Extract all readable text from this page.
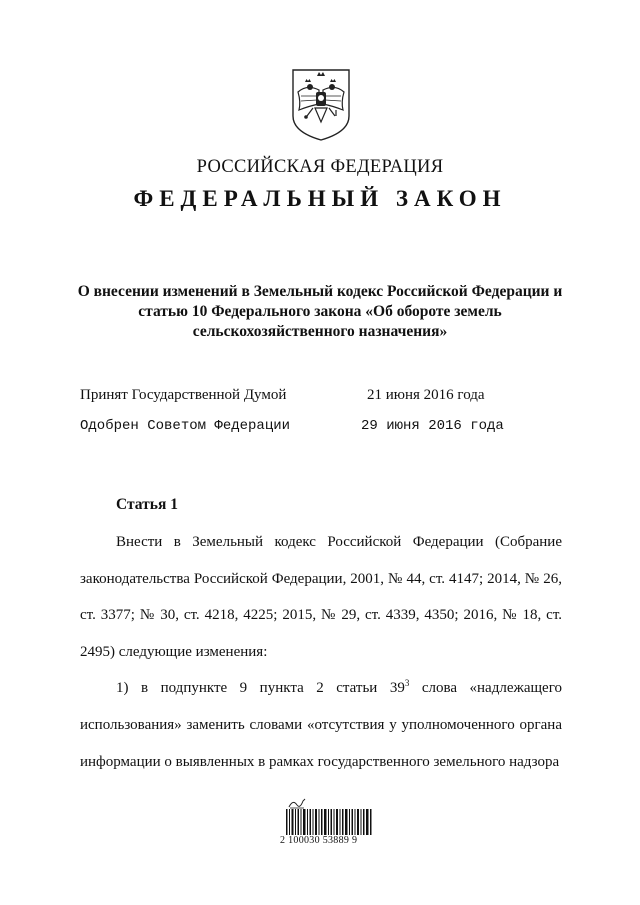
РОССИЙСКАЯ ФЕДЕРАЦИЯ
ФЕДЕРАЛЬНЫЙ ЗАКОН
О внесении изменений в Земельный кодекс Российской Федерации и
статью 10 Федерального закона «Об обороте земель
сельскохозяйственного назначения»
Принят Государственной Думой	21 июня 2016 года
Одобрен Советом Федерации	29 июня 2016 года
Статья 1

Внести в Земельный кодекс Российской Федерации (Собрание законодательства Российской Федерации, 2001, № 44, ст. 4147; 2014, № 26, ст. 3377; № 30, ст. 4218, 4225; 2015, № 29, ст. 4339, 4350; 2016, № 18, ст. 2495) следующие изменения:

1) в подпункте 9 пункта 2 статьи $39^3$ слова «надлежащего использования» заменить словами «отсутствия у уполномоченного органа информации о выявленных в рамках государственного земельного надзора

2 100030 53889 9
